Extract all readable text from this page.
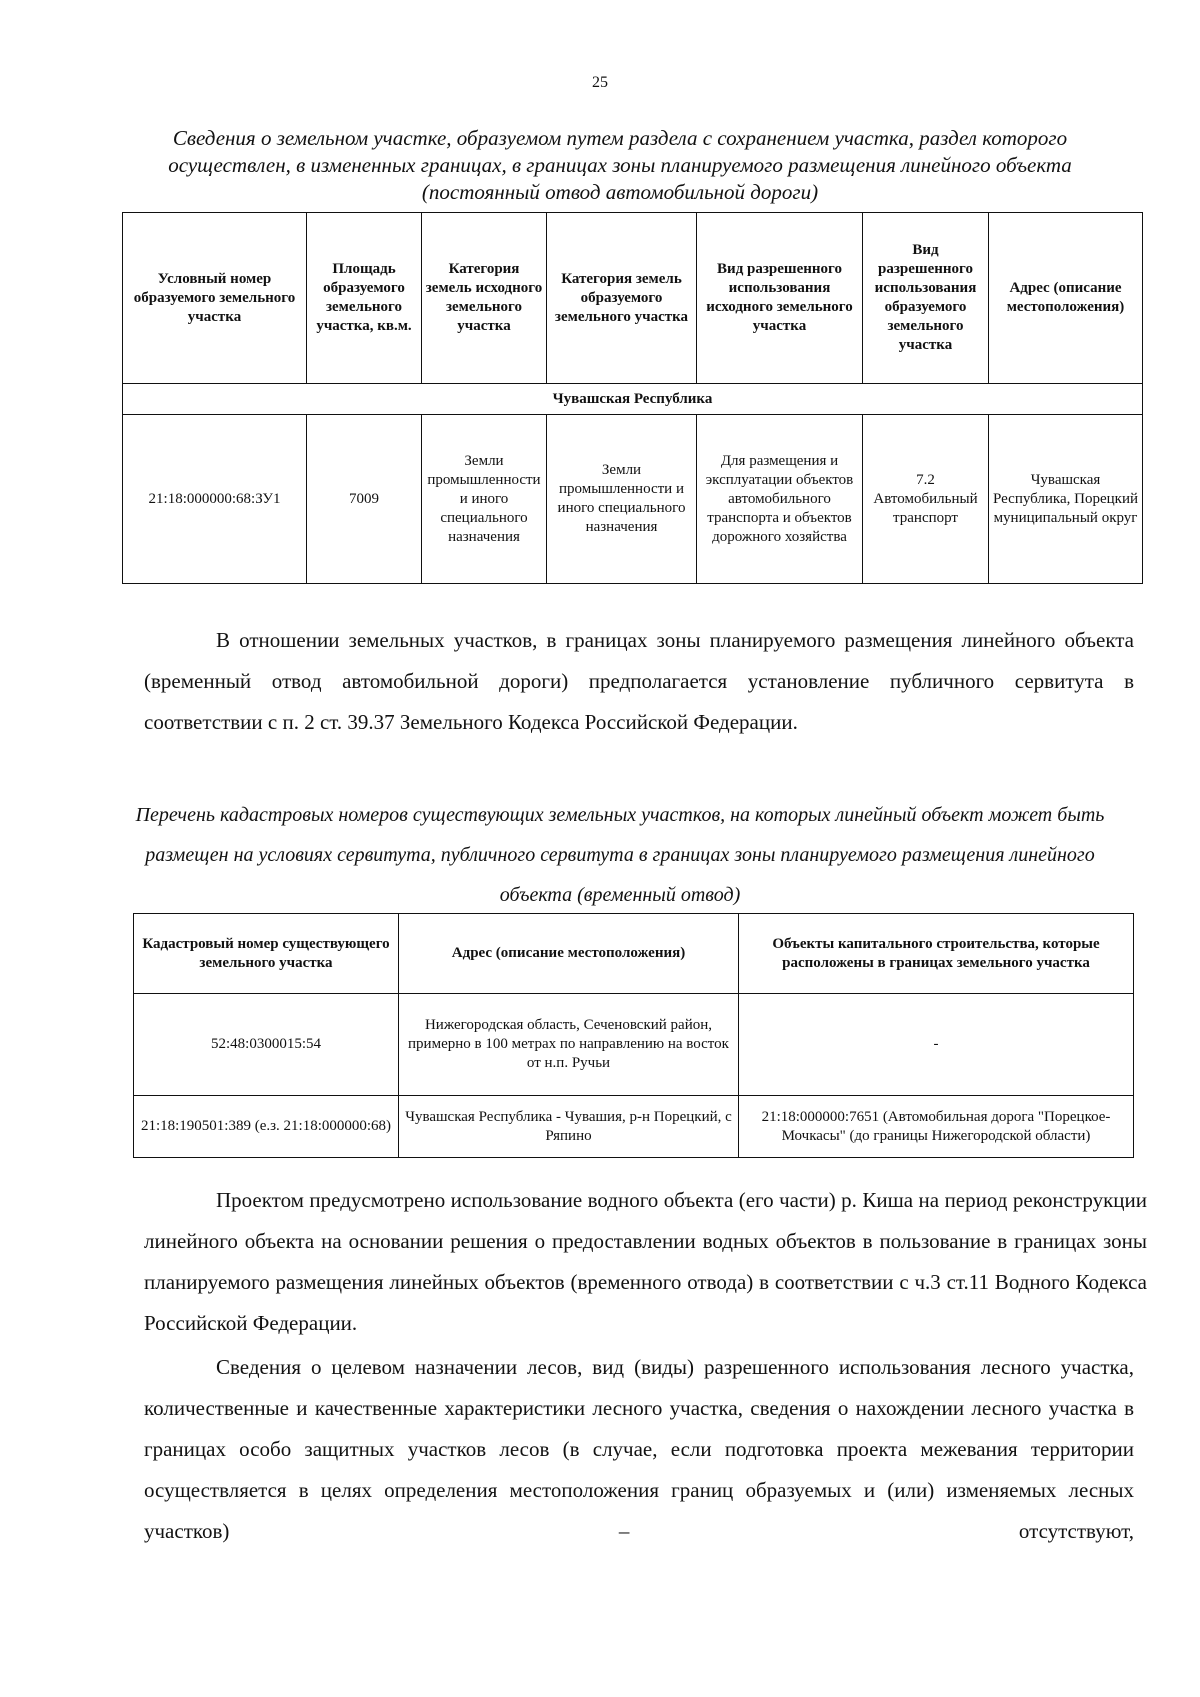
25
Сведения о земельном участке, образуемом путем раздела с сохранением участка, раздел которого осуществлен, в измененных границах, в границах зоны планируемого размещения линейного объекта (постоянный отвод автомобильной дороги)
Условный номер образуемого земельного участка	Площадь образуемого земельного участка, кв.м.	Категория земель исходного земельного участка	Категория земель образуемого земельного участка	Вид разрешенного использования исходного земельного участка	Вид разрешенного использования образуемого земельного участка	Адрес (описание местоположения)
Чувашская Республика						
21:18:000000:68:ЗУ1	7009	Земли промышленности и иного специального назначения	Земли промышленности и иного специального назначения	Для размещения и эксплуатации объектов автомобильного транспорта и объектов дорожного хозяйства	7.2 Автомобильный транспорт	Чувашская Республика, Порецкий муниципальный округ
В отношении земельных участков, в границах зоны планируемого размещения линейного объекта (временный отвод автомобильной дороги) предполагается установление публичного сервитута в соответствии с п. 2 ст. 39.37 Земельного Кодекса Российской Федерации.
Перечень кадастровых номеров существующих земельных участков, на которых линейный объект может быть размещен на условиях сервитута, публичного сервитута в границах зоны планируемого размещения линейного объекта (временный отвод)
Кадастровый номер существующего земельного участка	Адрес (описание местоположения)	Объекты капитального строительства, которые расположены в границах земельного участка
52:48:0300015:54	Нижегородская область, Сеченовский район, примерно в 100 метрах по направлению на восток от н.п. Ручьи	-
21:18:190501:389 (е.з. 21:18:000000:68)	Чувашская Республика - Чувашия, р-н Порецкий, с Ряпино	21:18:000000:7651 (Автомобильная дорога "Порецкое-Мочкасы" (до границы Нижегородской области)
Проектом предусмотрено использование водного объекта (его части) р. Киша на период реконструкции линейного объекта на основании решения о предоставлении водных объектов в пользование в границах зоны планируемого размещения линейных объектов (временного отвода) в соответствии с ч.3 ст.11 Водного Кодекса Российской Федерации.
Сведения о целевом назначении лесов, вид (виды) разрешенного использования лесного участка, количественные и качественные характеристики лесного участка, сведения о нахождении лесного участка в границах особо защитных участков лесов (в случае, если подготовка проекта межевания территории осуществляется в целях определения местоположения границ образуемых и (или) изменяемых лесных участков) – отсутствуют,
